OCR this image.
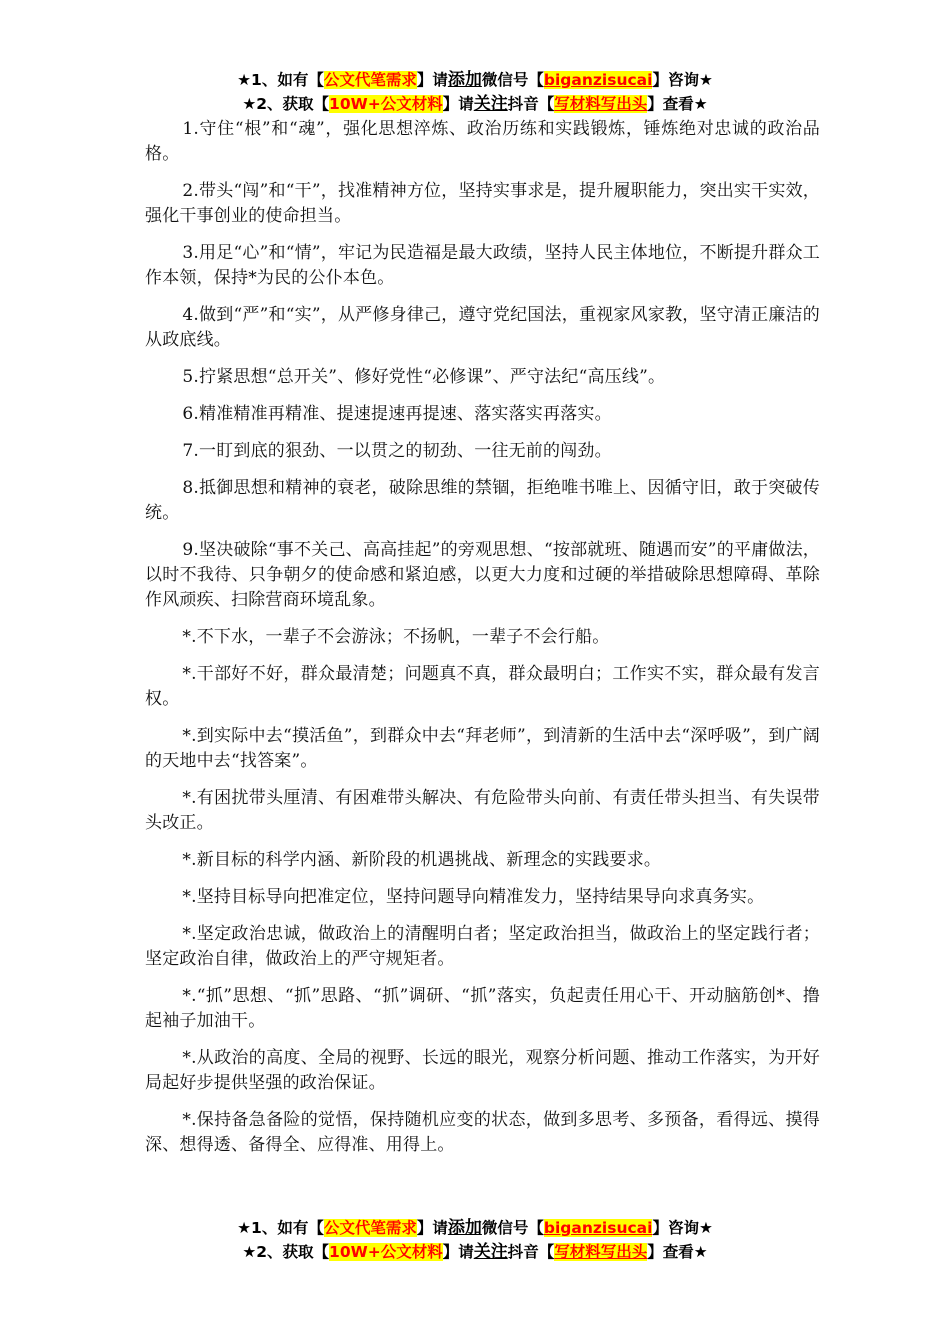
★1、如有【公文代笔需求】请添加微信号【biganzisucai】咨询★
★2、获取【10W+公文材料】请关注抖音【写材料写出头】查看★

1.守住“根”和“魂”，强化思想淬炼、政治历练和实践锻炼，锤炼绝对忠诚的政治品格。

2.带头“闯”和“干”，找准精神方位，坚持实事求是，提升履职能力，突出实干实效，强化干事创业的使命担当。

3.用足“心”和“情”，牢记为民造福是最大政绩，坚持人民主体地位，不断提升群众工作本领，保持*为民的公仆本色。

4.做到“严”和“实”，从严修身律己，遵守党纪国法，重视家风家教，坚守清正廉洁的从政底线。

5.拧紧思想“总开关”、修好党性“必修课”、严守法纪“高压线”。

6.精准精准再精准、提速提速再提速、落实落实再落实。

7.一盯到底的狠劲、一以贯之的韧劲、一往无前的闯劲。

8.抵御思想和精神的衰老，破除思维的禁锢，拒绝唯书唯上、因循守旧，敢于突破传统。

9.坚决破除“事不关己、高高挂起”的旁观思想、“按部就班、随遇而安”的平庸做法，以时不我待、只争朝夕的使命感和紧迫感，以更大力度和过硬的举措破除思想障碍、革除作风顽疾、扫除营商环境乱象。

*.不下水，一辈子不会游泳；不扬帆，一辈子不会行船。

*.干部好不好，群众最清楚；问题真不真，群众最明白；工作实不实，群众最有发言权。

*.到实际中去“摸活鱼”，到群众中去“拜老师”，到清新的生活中去“深呼吸”，到广阔的天地中去“找答案”。

*.有困扰带头厘清、有困难带头解决、有危险带头向前、有责任带头担当、有失误带头改正。

*.新目标的科学内涵、新阶段的机遇挑战、新理念的实践要求。

*.坚持目标导向把准定位，坚持问题导向精准发力，坚持结果导向求真务实。

*.坚定政治忠诚，做政治上的清醒明白者；坚定政治担当，做政治上的坚定践行者；坚定政治自律，做政治上的严守规矩者。

*.“抓”思想、“抓”思路、“抓”调研、“抓”落实，负起责任用心干、开动脑筋创*、撸起袖子加油干。

*.从政治的高度、全局的视野、长远的眼光，观察分析问题、推动工作落实，为开好局起好步提供坚强的政治保证。

*.保持备急备险的觉悟，保持随机应变的状态，做到多思考、多预备，看得远、摸得深、想得透、备得全、应得准、用得上。

★1、如有【公文代笔需求】请添加微信号【biganzisucai】咨询★
★2、获取【10W+公文材料】请关注抖音【写材料写出头】查看★
